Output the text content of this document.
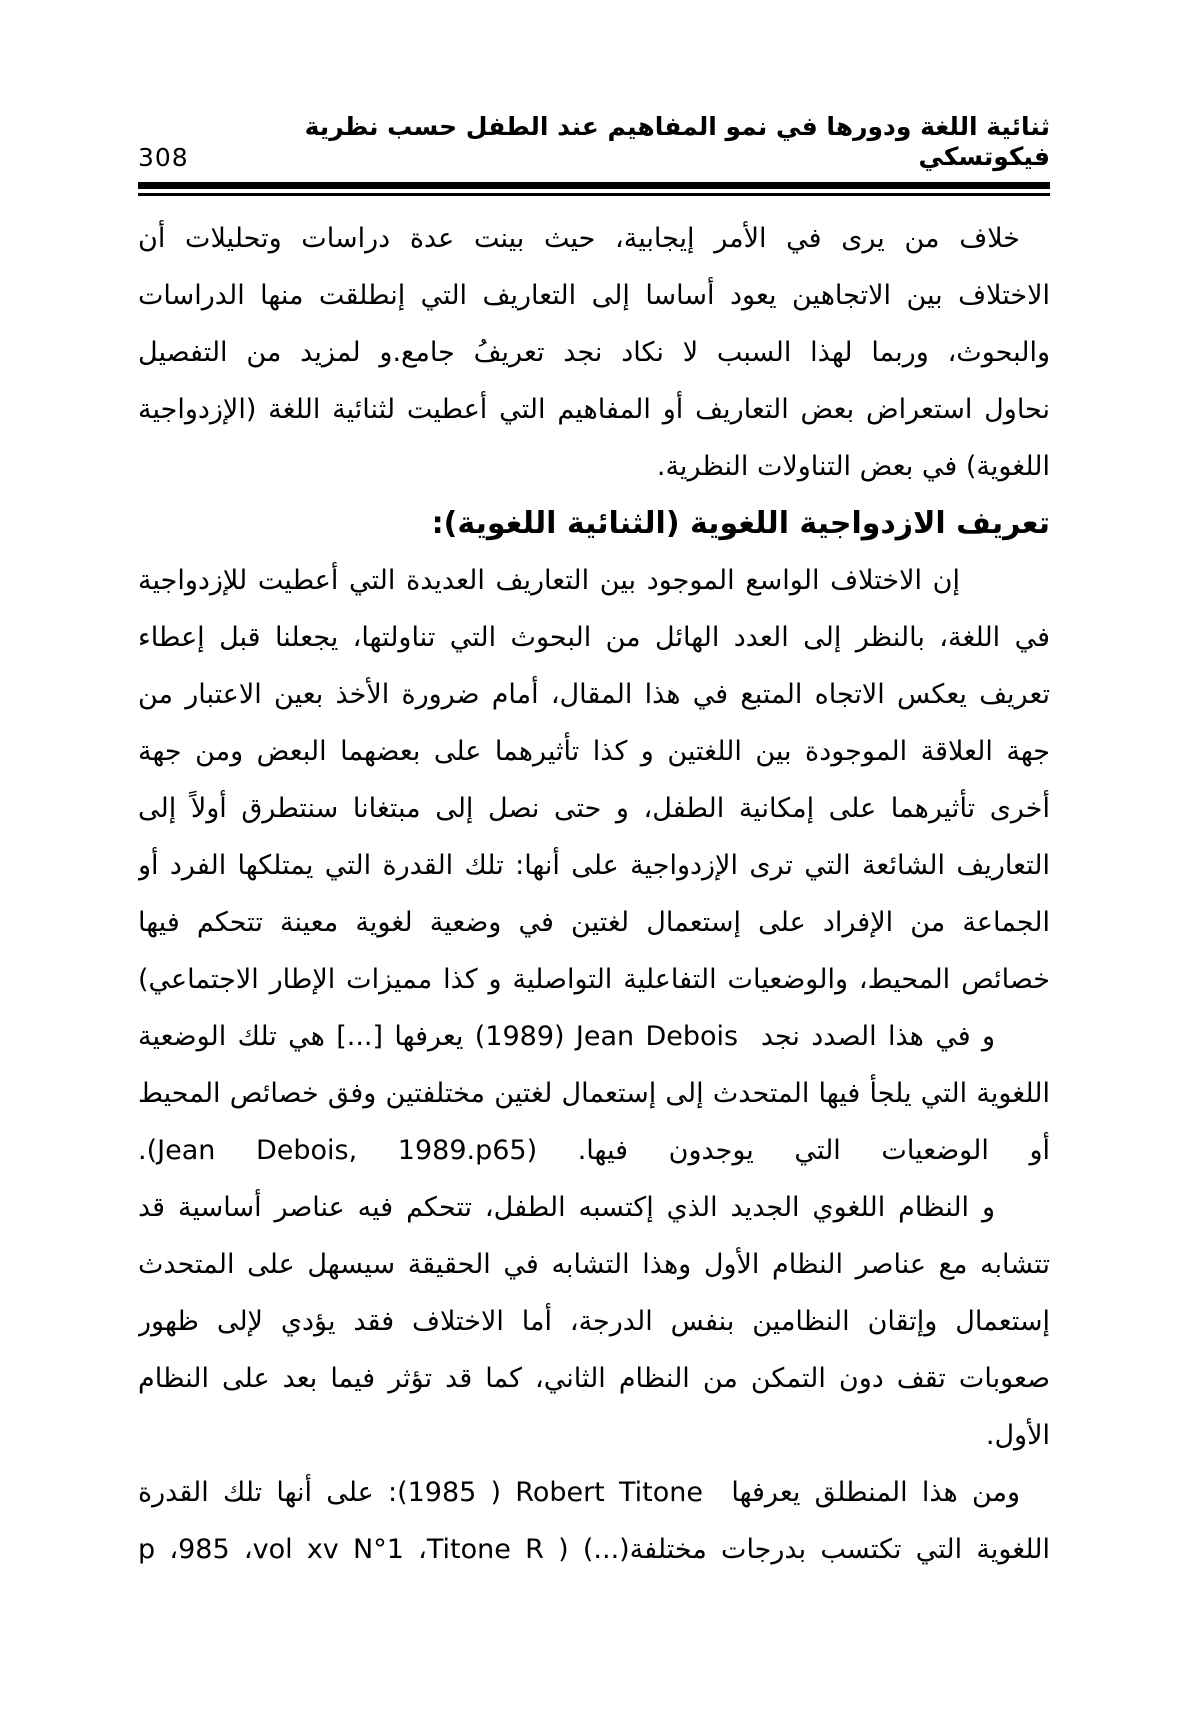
308
ثنائية اللغة ودورها في نمو المفاهيم عند الطفل حسب نظرية فيكوتسكي
خلاف من يرى في الأمر إيجابية، حيث بينت عدة دراسات وتحليلات أن
الاختلاف بين الاتجاهين يعود أساسا إلى التعاريف التي إنطلقت منها الدراسات
والبحوث، وربما لهذا السبب لا نكاد نجد تعريفُ جامع.و لمزيد من التفصيل
نحاول استعراض بعض التعاريف أو المفاهيم التي أعطيت لثنائية اللغة (الإزدواجية
اللغوية) في بعض التناولات النظرية.
تعريف الازدواجية اللغوية (الثنائية اللغوية):
إن الاختلاف الواسع الموجود بين التعاريف العديدة التي أعطيت للإزدواجية
في اللغة، بالنظر إلى العدد الهائل من البحوث التي تناولتها، يجعلنا قبل إعطاء
تعريف يعكس الاتجاه المتبع في هذا المقال، أمام ضرورة الأخذ بعين الاعتبار من
جهة العلاقة الموجودة بين اللغتين و كذا تأثيرهما على بعضهما البعض ومن جهة
أخرى تأثيرهما على إمكانية الطفل، و حتى نصل إلى مبتغانا سنتطرق أولاً إلى
التعاريف الشائعة التي ترى الإزدواجية على أنها: تلك القدرة التي يمتلكها الفرد أو
الجماعة من الإفراد على إستعمال لغتين في وضعية لغوية معينة تتحكم فيها
خصائص المحيط، والوضعيات التفاعلية التواصلية و كذا مميزات الإطار الاجتماعي)
و في هذا الصدد نجد  Jean Debois‏ (1989) يعرفها [...] هي تلك الوضعية
اللغوية التي يلجأ فيها المتحدث إلى إستعمال لغتين مختلفتين وفق خصائص المحيط
أو الوضعيات التي يوجدون فيها. (Jean Debois, 1989.p65).
و النظام اللغوي الجديد الذي إكتسبه الطفل، تتحكم فيه عناصر أساسية قد
تتشابه مع عناصر النظام الأول وهذا التشابه في الحقيقة سيسهل على المتحدث
إستعمال وإتقان النظامين بنفس الدرجة، أما الاختلاف فقد يؤدي لإلى ظهور
صعوبات تقف دون التمكن من النظام الثاني، كما قد تؤثر فيما بعد على النظام
الأول.
ومن هذا المنطلق يعرفها  Robert Titone‏ ( 1985): على أنها تلك القدرة
اللغوية التي تكتسب بدرجات مختلفة(...) ( Titone R‏، vol xv N°1‏، 985، p
